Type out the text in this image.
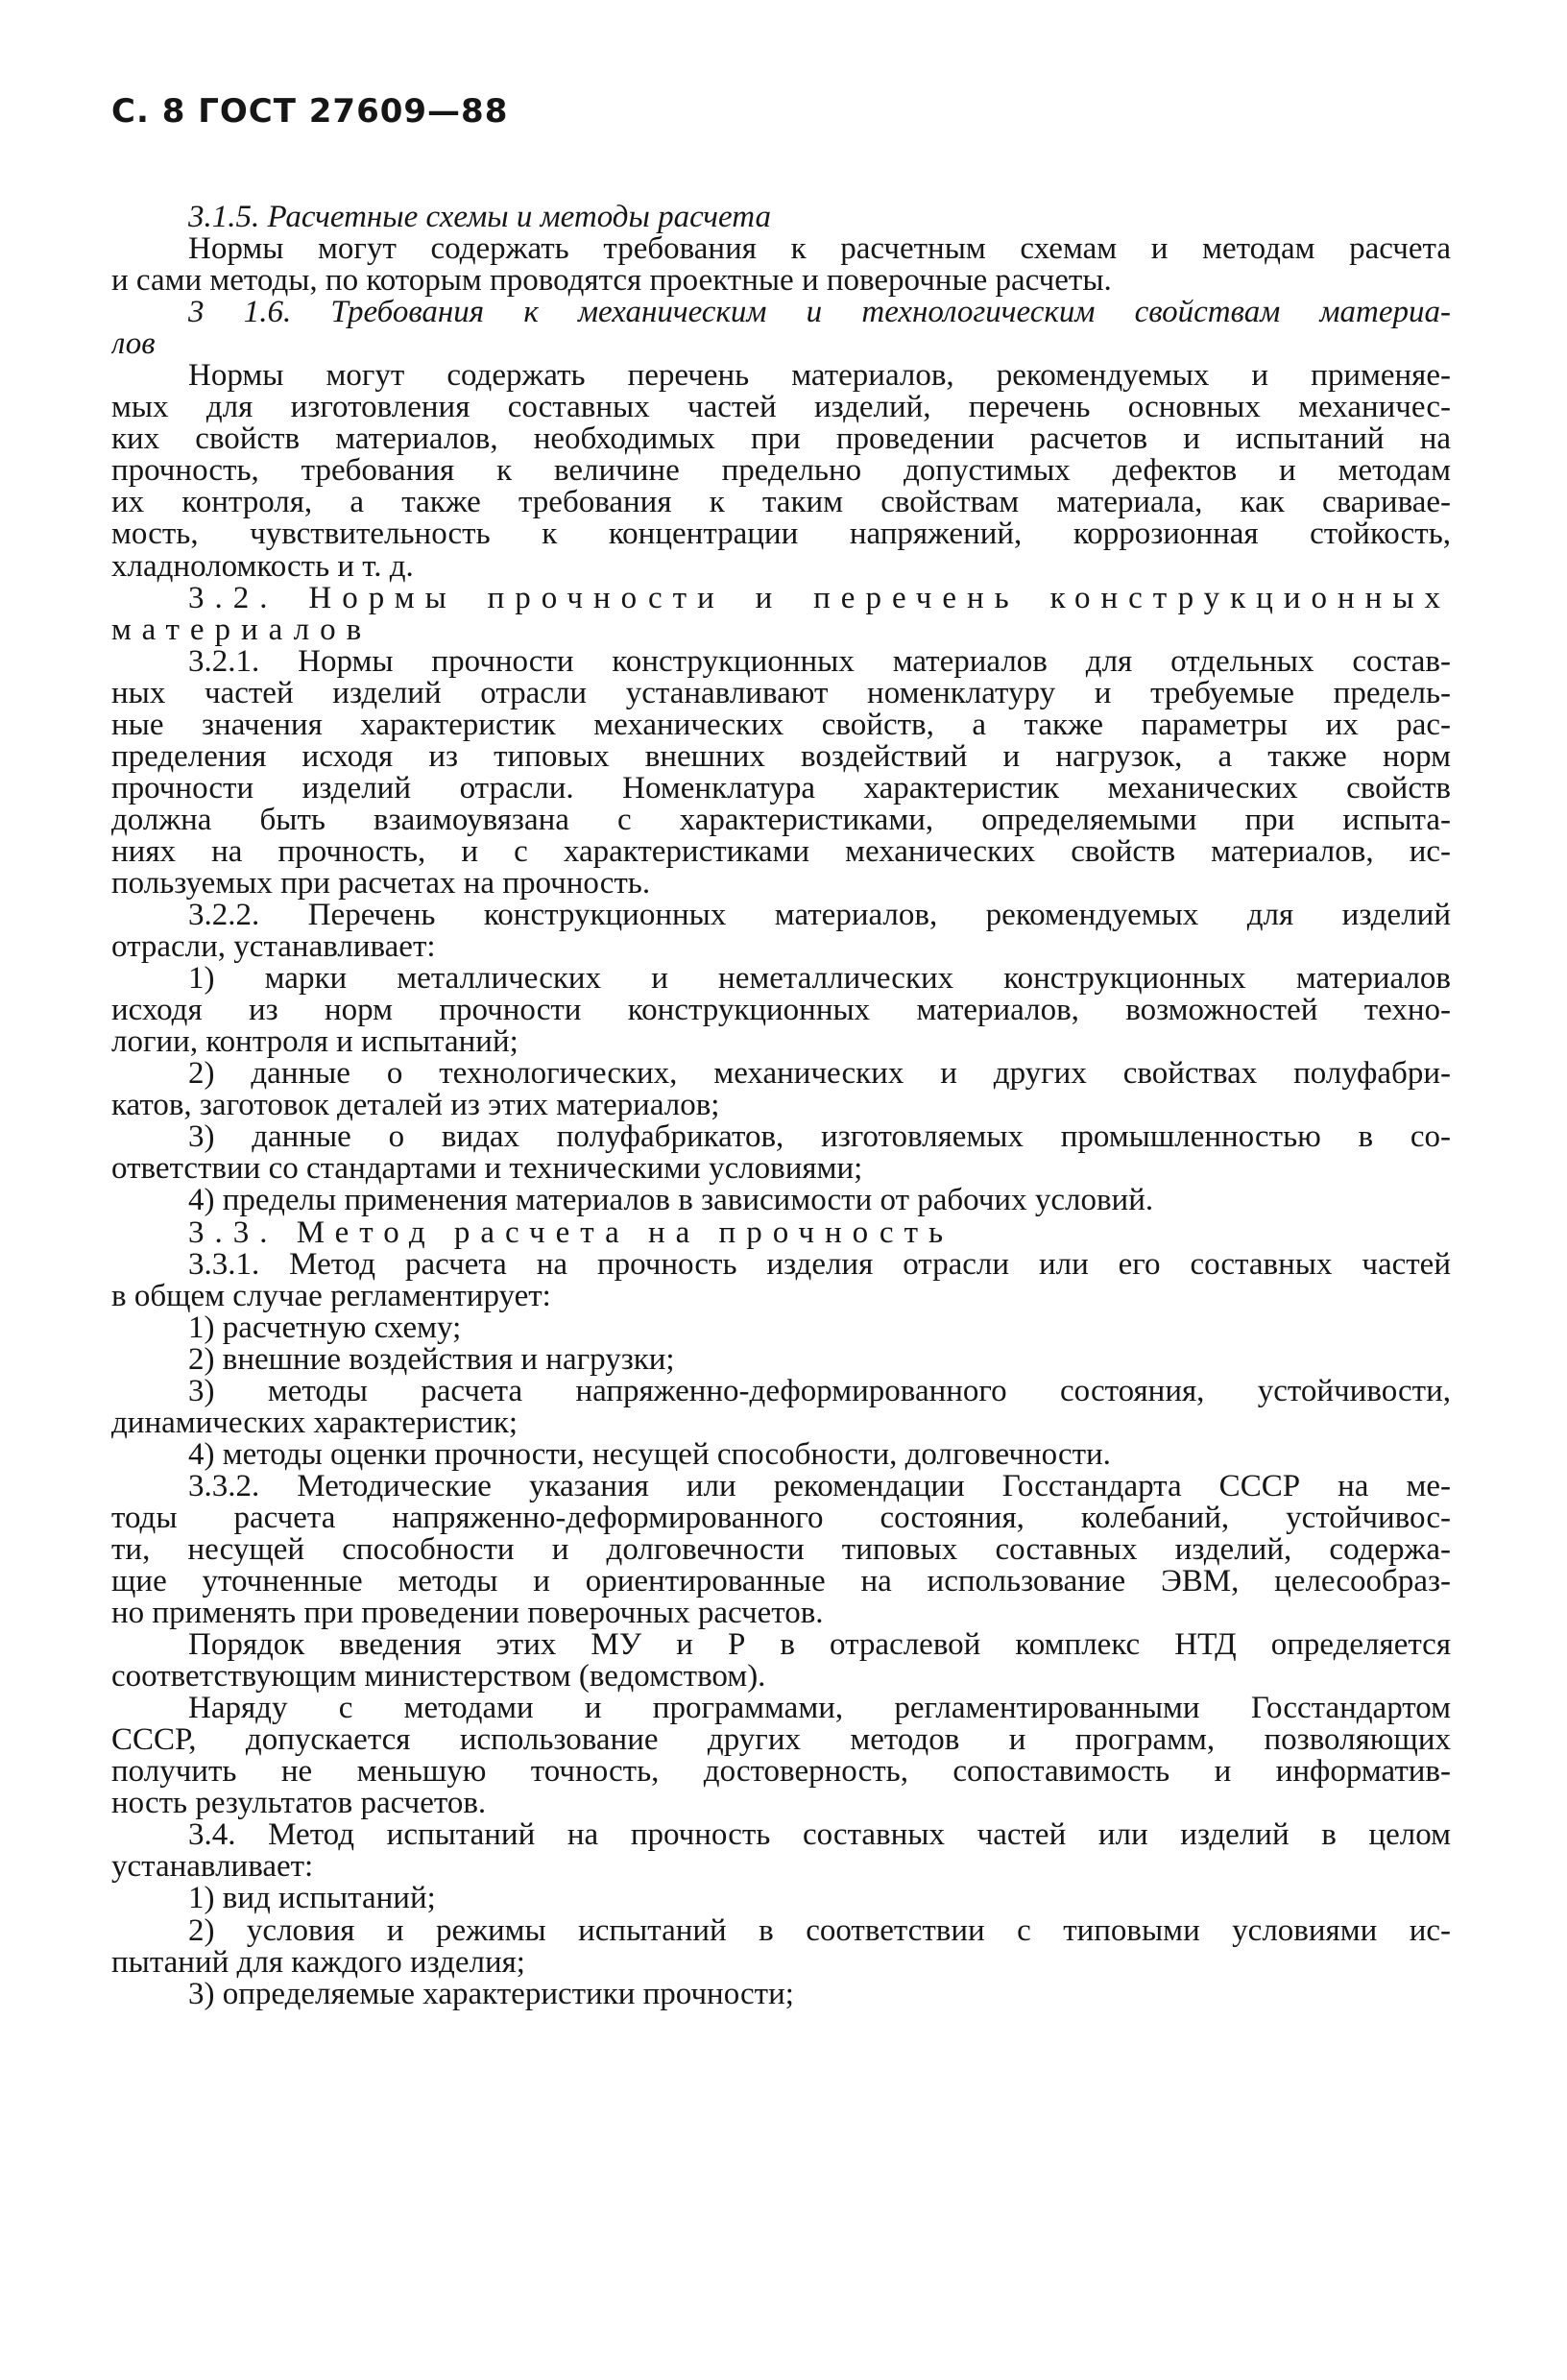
С. 8 ГОСТ 27609—88
3.1.5. Расчетные схемы и методы расчета
Нормы могут содержать требования к расчетным схемам и методам расчета
и сами методы, по которым проводятся проектные и поверочные расчеты.
3 1.6. Требования к механическим и технологическим свойствам материа-
лов
Нормы могут содержать перечень материалов, рекомендуемых и применяе-
мых для изготовления составных частей изделий, перечень основных механичес-
ких свойств материалов, необходимых при проведении расчетов и испытаний на
прочность, требования к величине предельно допустимых дефектов и методам
их контроля, а также требования к таким свойствам материала, как сваривае-
мость, чувствительность к концентрации напряжений, коррозионная стойкость,
хладноломкость и т. д.
3.2. Нормы прочности и перечень конструкционных
материалов
3.2.1. Нормы прочности конструкционных материалов для отдельных состав-
ных частей изделий отрасли устанавливают номенклатуру и требуемые предель-
ные значения характеристик механических свойств, а также параметры их рас-
пределения исходя из типовых внешних воздействий и нагрузок, а также норм
прочности изделий отрасли. Номенклатура характеристик механических свойств
должна быть взаимоувязана с характеристиками, определяемыми при испыта-
ниях на прочность, и с характеристиками механических свойств материалов, ис-
пользуемых при расчетах на прочность.
3.2.2. Перечень конструкционных материалов, рекомендуемых для изделий
отрасли, устанавливает:
1) марки металлических и неметаллических конструкционных материалов
исходя из норм прочности конструкционных материалов, возможностей техно-
логии, контроля и испытаний;
2) данные о технологических, механических и других свойствах полуфабри-
катов, заготовок деталей из этих материалов;
3) данные о видах полуфабрикатов, изготовляемых промышленностью в со-
ответствии со стандартами и техническими условиями;
4) пределы применения материалов в зависимости от рабочих условий.
3.3. Метод расчета на прочность
3.3.1. Метод расчета на прочность изделия отрасли или его составных частей
в общем случае регламентирует:
1) расчетную схему;
2) внешние воздействия и нагрузки;
3) методы расчета напряженно-деформированного состояния, устойчивости,
динамических характеристик;
4) методы оценки прочности, несущей способности, долговечности.
3.3.2. Методические указания или рекомендации Госстандарта СССР на ме-
тоды расчета напряженно-деформированного состояния, колебаний, устойчивос-
ти, несущей способности и долговечности типовых составных изделий, содержа-
щие уточненные методы и ориентированные на использование ЭВМ, целесообраз-
но применять при проведении поверочных расчетов.
Порядок введения этих МУ и Р в отраслевой комплекс НТД определяется
соответствующим министерством (ведомством).
Наряду с методами и программами, регламентированными Госстандартом
СССР, допускается использование других методов и программ, позволяющих
получить не меньшую точность, достоверность, сопоставимость и информатив-
ность результатов расчетов.
3.4. Метод испытаний на прочность составных частей или изделий в целом
устанавливает:
1) вид испытаний;
2) условия и режимы испытаний в соответствии с типовыми условиями ис-
пытаний для каждого изделия;
3) определяемые характеристики прочности;
